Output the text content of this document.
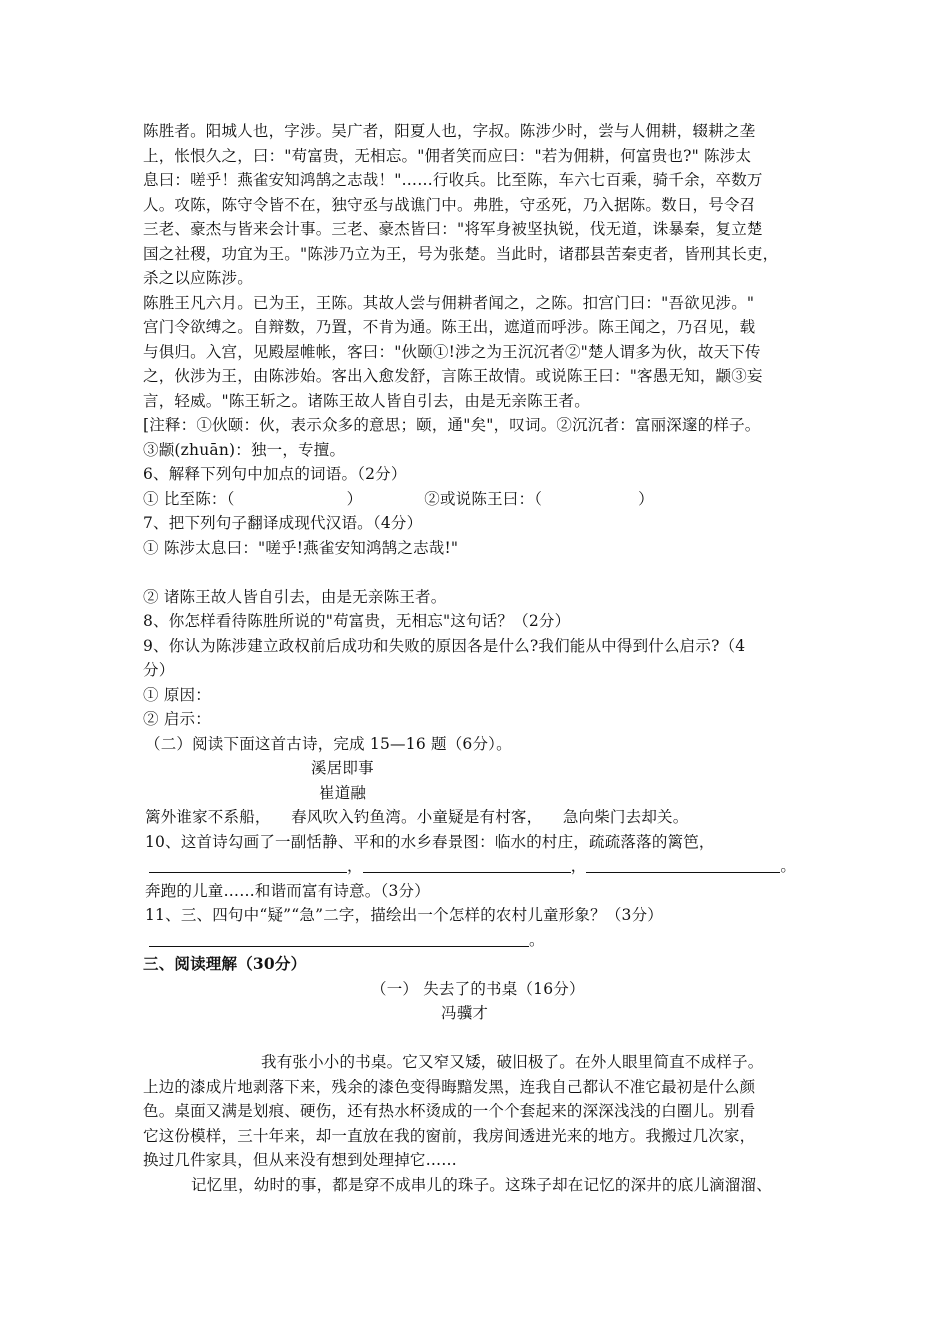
陈胜者。阳城人也，字涉。吴广者，阳夏人也，字叔。陈涉少时，尝与人佣耕，辍耕之垄
上，怅恨久之，曰："苟富贵，无相忘。"佣者笑而应曰："若为佣耕，何富贵也?" 陈涉太
息曰：嗟乎！燕雀安知鸿鹄之志哉！"……行收兵。比至陈，车六七百乘，骑千余，卒数万
人。攻陈，陈守令皆不在，独守丞与战谯门中。弗胜，守丞死，乃入据陈。数日，号令召
三老、豪杰与皆来会计事。三老、豪杰皆曰："将军身被坚执锐，伐无道，诛暴秦，复立楚
国之社稷，功宜为王。"陈涉乃立为王，号为张楚。当此时，诸郡县苦秦吏者，皆刑其长吏，
杀之以应陈涉。
陈胜王凡六月。已为王，王陈。其故人尝与佣耕者闻之，之陈。扣宫门曰："吾欲见涉。"
宫门令欲缚之。自辩数，乃置，不肯为通。陈王出，遮道而呼涉。陈王闻之，乃召见，载
与俱归。入宫，见殿屋帷帐，客曰："伙颐①!涉之为王沉沉者②"楚人谓多为伙，故天下传
之，伙涉为王，由陈涉始。客出入愈发舒，言陈王故情。或说陈王曰："客愚无知，颛③妄
言，轻威。"陈王斩之。诸陈王故人皆自引去，由是无亲陈王者。
[注释：①伙颐：伙，表示众多的意思；颐，通"矣"，叹词。②沉沉者：富丽深邃的样子。
③颛(zhuān)：独一，专擅。
6、解释下列句中加点的词语。（2分）
① 比至陈：（	）	②或说陈王曰：（	）
7、把下列句子翻译成现代汉语。（4分）
① 陈涉太息曰："嗟乎!燕雀安知鸿鹄之志哉!"
② 诸陈王故人皆自引去，由是无亲陈王者。
8、你怎样看待陈胜所说的"苟富贵，无相忘"这句话？（2分）
9、你认为陈涉建立政权前后成功和失败的原因各是什么?我们能从中得到什么启示?（4
分）
① 原因：
② 启示：
（二）阅读下面这首古诗，完成 15—16 题（6分）。
溪居即事
崔道融
篱外谁家不系船，    春风吹入钓鱼湾。小童疑是有村客，    急向柴门去却关。
10、这首诗勾画了一副恬静、平和的水乡春景图：临水的村庄，疏疏落落的篱笆，
，	，	。
奔跑的儿童……和谐而富有诗意。（3分）
11、三、四句中“疑”“急”二字，描绘出一个怎样的农村儿童形象？（3分）
。
三、阅读理解（30分）
（一） 失去了的书桌（16分）
冯骥才
我有张小小的书桌。它又窄又矮，破旧极了。在外人眼里简直不成样子。
上边的漆成片地剥落下来，残余的漆色变得晦黯发黑，连我自己都认不准它最初是什么颜
色。桌面又满是划痕、硬伤，还有热水杯烫成的一个个套起来的深深浅浅的白圈儿。别看
它这份模样，三十年来，却一直放在我的窗前，我房间透进光来的地方。我搬过几次家，
换过几件家具，但从来没有想到处理掉它……
记忆里，幼时的事，都是穿不成串儿的珠子。这珠子却在记忆的深井的底儿滴溜溜、
